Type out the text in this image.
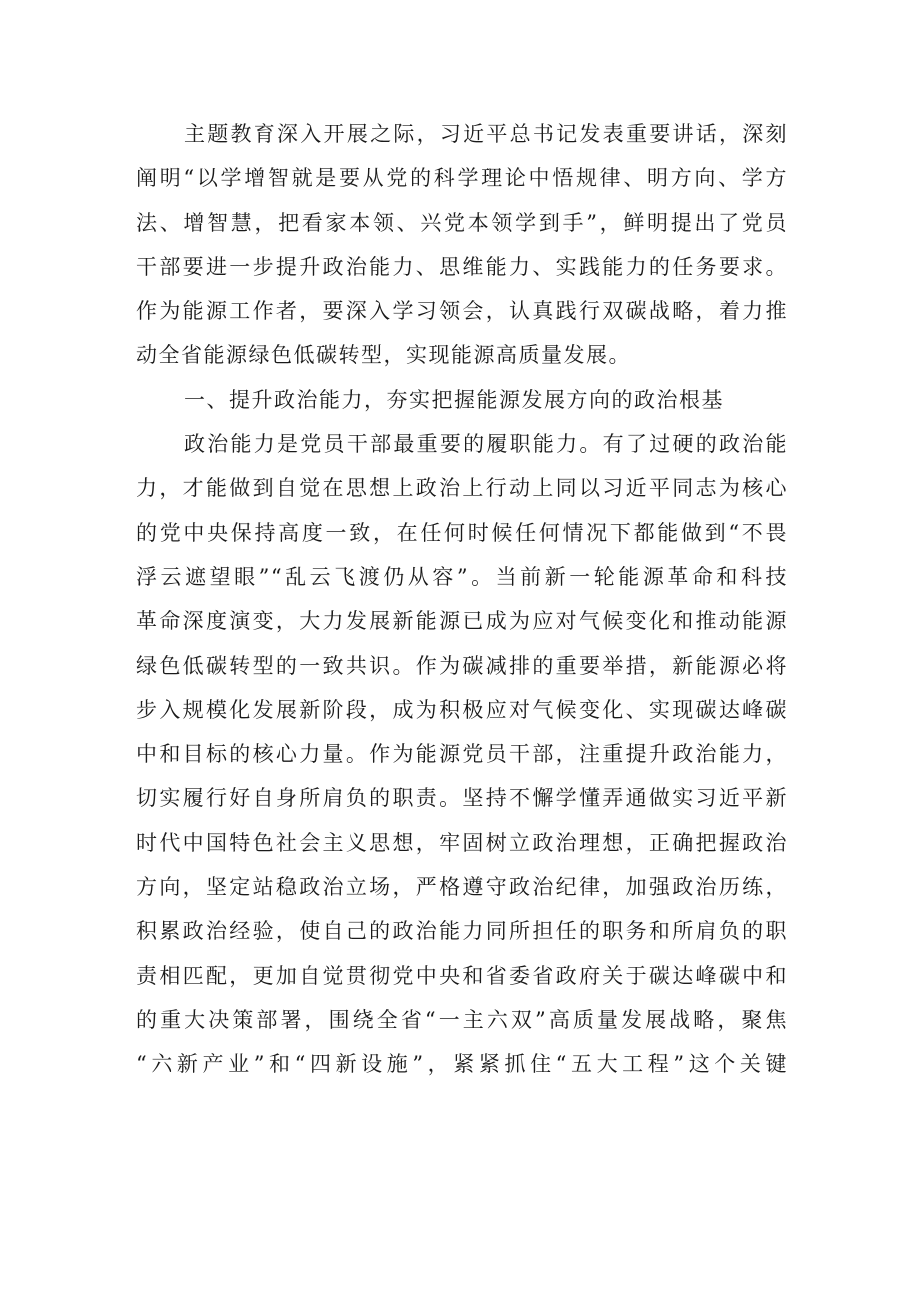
主题教育深入开展之际，习近平总书记发表重要讲话，深刻
阐明“以学增智就是要从党的科学理论中悟规律、明方向、学方
法、增智慧，把看家本领、兴党本领学到手”，鲜明提出了党员
干部要进一步提升政治能力、思维能力、实践能力的任务要求。
作为能源工作者，要深入学习领会，认真践行双碳战略，着力推
动全省能源绿色低碳转型，实现能源高质量发展。
一、提升政治能力，夯实把握能源发展方向的政治根基
政治能力是党员干部最重要的履职能力。有了过硬的政治能
力，才能做到自觉在思想上政治上行动上同以习近平同志为核心
的党中央保持高度一致，在任何时候任何情况下都能做到“不畏
浮云遮望眼”“乱云飞渡仍从容”。当前新一轮能源革命和科技
革命深度演变，大力发展新能源已成为应对气候变化和推动能源
绿色低碳转型的一致共识。作为碳减排的重要举措，新能源必将
步入规模化发展新阶段，成为积极应对气候变化、实现碳达峰碳
中和目标的核心力量。作为能源党员干部，注重提升政治能力，
切实履行好自身所肩负的职责。坚持不懈学懂弄通做实习近平新
时代中国特色社会主义思想，牢固树立政治理想，正确把握政治
方向，坚定站稳政治立场，严格遵守政治纪律，加强政治历练，
积累政治经验，使自己的政治能力同所担任的职务和所肩负的职
责相匹配，更加自觉贯彻党中央和省委省政府关于碳达峰碳中和
的重大决策部署，围绕全省“一主六双”高质量发展战略，聚焦
“六新产业”和“四新设施”，紧紧抓住“五大工程”这个关键
